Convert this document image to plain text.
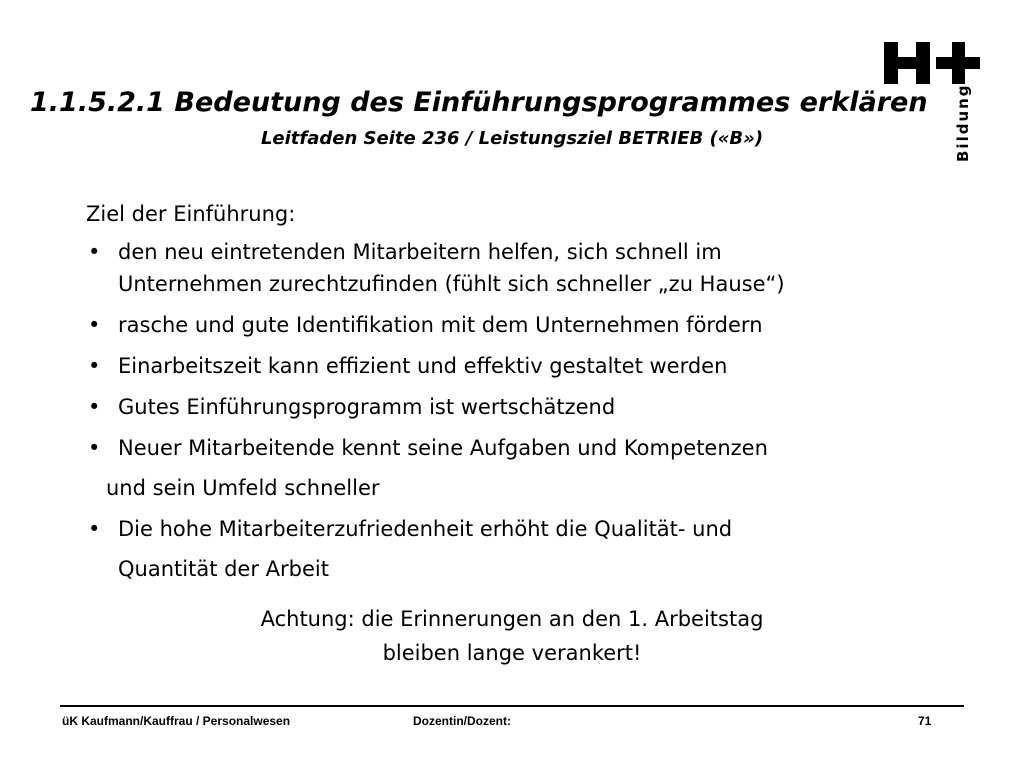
Bildung
1.1.5.2.1 Bedeutung des Einführungsprogrammes erklären

Leitfaden Seite 236 / Leistungsziel BETRIEB («B»)

Ziel der Einführung:

• den neu eintretenden Mitarbeitern helfen, sich schnell im
Unternehmen zurechtzufinden (fühlt sich schneller „zu Hause“)
• rasche und gute Identifikation mit dem Unternehmen fördern
• Einarbeitszeit kann effizient und effektiv gestaltet werden
• Gutes Einführungsprogramm ist wertschätzend
• Neuer Mitarbeitende kennt seine Aufgaben und Kompetenzen
und sein Umfeld schneller
• Die hohe Mitarbeiterzufriedenheit erhöht die Qualität- und
Quantität der Arbeit
Achtung: die Erinnerungen an den 1. Arbeitstag
bleiben lange verankert!
üK Kaufmann/Kauffrau / Personalwesen	Dozentin/Dozent:	71
